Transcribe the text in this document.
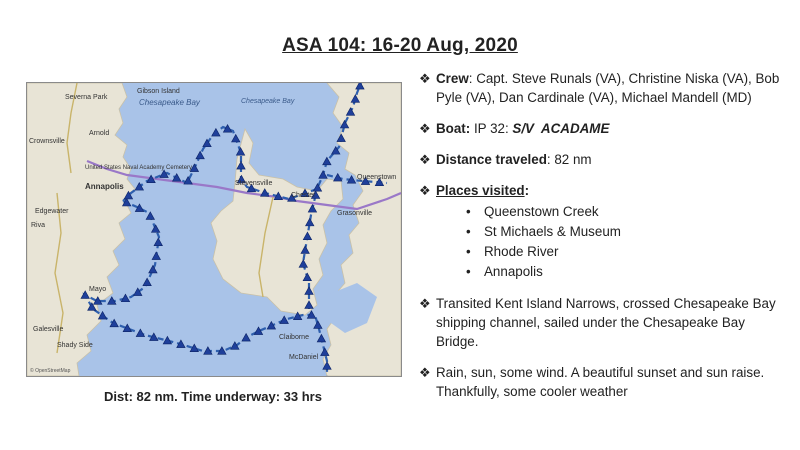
ASA 104: 16-20 Aug, 2020
Chesapeake Bay	Chesapeake Bay
Severna Park
Gibson Island
Arnold
Crownsville
United States Naval Academy Cemetery
Annapolis
Edgewater
Riva
Mayo
Galesville
Shady Side
Stevensville
Chester
Grasonville
Queenstown
Claiborne
McDaniel
© OpenStreetMap
Dist: 82 nm. Time underway: 33 hrs
❖ Crew: Capt. Steve Runals (VA), Christine Niska (VA), Bob Pyle (VA), Dan Cardinale (VA), Michael Mandell (MD)
❖ Boat: IP 32: S/V  ACADAME
❖ Distance traveled: 82 nm
❖ Places visited:
• Queenstown Creek
• St Michaels & Museum
• Rhode River
• Annapolis
❖ Transited Kent Island Narrows, crossed Chesapeake Bay shipping channel, sailed under the Chesapeake Bay Bridge.
❖ Rain, sun, some wind. A beautiful sunset and sun raise. Thankfully, some cooler weather
